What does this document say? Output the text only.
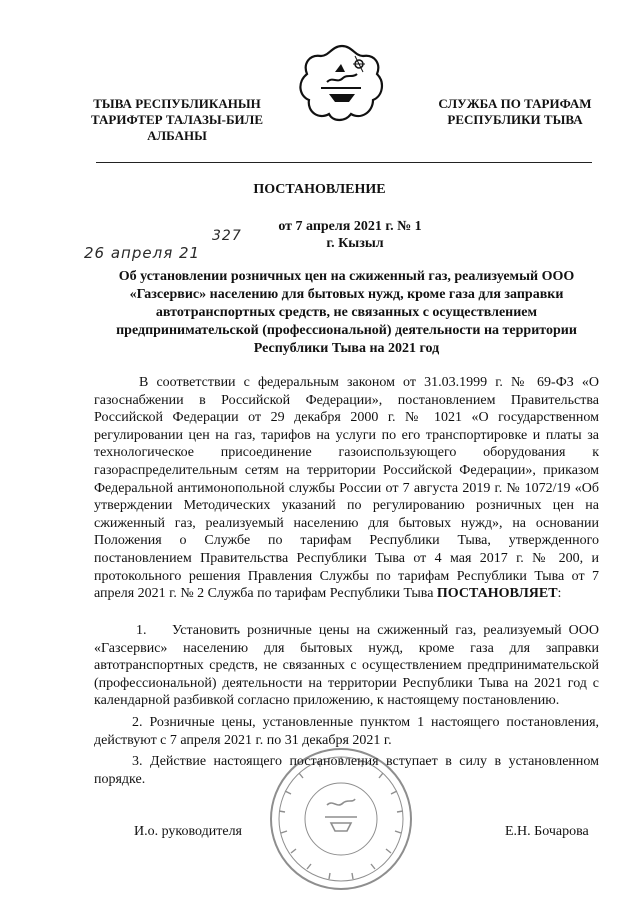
ТЫВА РЕСПУБЛИКАНЫН
ТАРИФТЕР ТАЛАЗЫ-БИЛЕ
АЛБАНЫ
СЛУЖБА ПО ТАРИФАМ
РЕСПУБЛИКИ ТЫВА
ПОСТАНОВЛЕНИЕ
от 7 апреля 2021 г. № 1
327
26 апреля 21
г. Кызыл
Об установлении розничных цен на сжиженный газ, реализуемый ООО «Газсервис» населению для бытовых нужд, кроме газа для заправки автотранспортных средств, не связанных с осуществлением предпринимательской (профессиональной) деятельности на территории Республики Тыва на 2021 год

В соответствии с федеральным законом от 31.03.1999 г. № 69-ФЗ «О газоснабжении в Российской Федерации», постановлением Правительства Российской Федерации от 29 декабря 2000 г. № 1021 «О государственном регулировании цен на газ, тарифов на услуги по его транспортировке и платы за технологическое присоединение газоиспользующего оборудования к газораспределительным сетям на территории Российской Федерации», приказом Федеральной антимонопольной службы России от 7 августа 2019 г. № 1072/19 «Об утверждении Методических указаний по регулированию розничных цен на сжиженный газ, реализуемый населению для бытовых нужд», на основании Положения о Службе по тарифам Республики Тыва, утвержденного постановлением Правительства Республики Тыва от 4 мая 2017 г. № 200, и протокольного решения Правления Службы по тарифам Республики Тыва от 7 апреля 2021 г. № 2 Служба по тарифам Республики Тыва ПОСТАНОВЛЯЕТ:

1. Установить розничные цены на сжиженный газ, реализуемый ООО «Газсервис» населению для бытовых нужд, кроме газа для заправки автотранспортных средств, не связанных с осуществлением предпринимательской (профессиональной) деятельности на территории Республики Тыва на 2021 год с календарной разбивкой согласно приложению, к настоящему постановлению.

2. Розничные цены, установленные пунктом 1 настоящего постановления, действуют с 7 апреля 2021 г. по 31 декабря 2021 г.

3. Действие настоящего постановления вступает в силу в установленном порядке.

И.о. руководителя	Е.Н. Бочарова
